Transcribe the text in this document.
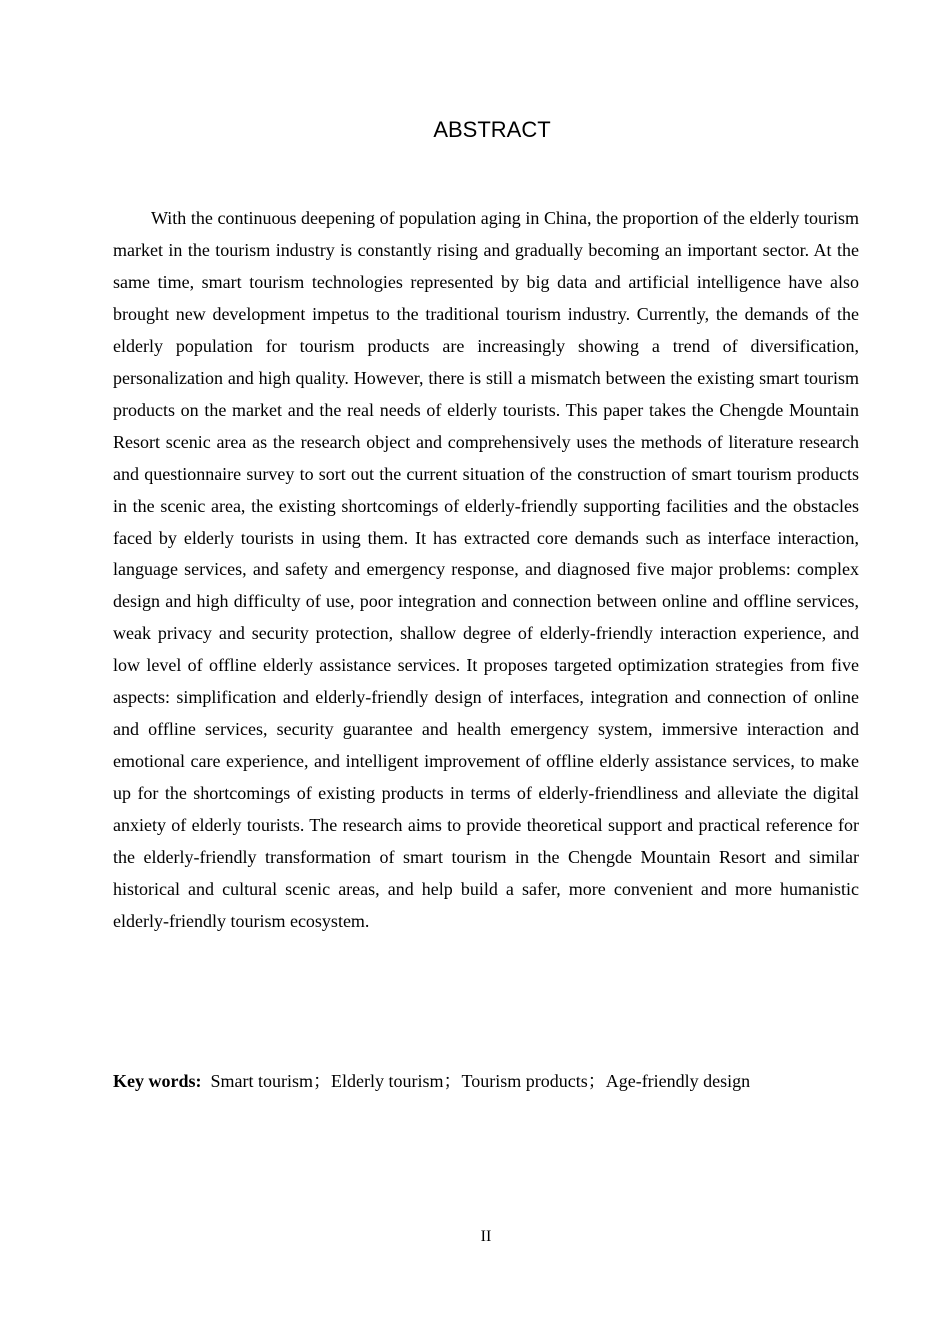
ABSTRACT

With the continuous deepening of population aging in China, the proportion of the elderly tourism market in the tourism industry is constantly rising and gradually becoming an important sector. At the same time, smart tourism technologies represented by big data and artificial intelligence have also brought new development impetus to the traditional tourism industry. Currently, the demands of the elderly population for tourism products are increasingly showing a trend of diversification, personalization and high quality. However, there is still a mismatch between the existing smart tourism products on the market and the real needs of elderly tourists. This paper takes the Chengde Mountain Resort scenic area as the research object and comprehensively uses the methods of literature research and questionnaire survey to sort out the current situation of the construction of smart tourism products in the scenic area, the existing shortcomings of elderly-friendly supporting facilities and the obstacles faced by elderly tourists in using them. It has extracted core demands such as interface interaction, language services, and safety and emergency response, and diagnosed five major problems: complex design and high difficulty of use, poor integration and connection between online and offline services, weak privacy and security protection, shallow degree of elderly-friendly interaction experience, and low level of offline elderly assistance services. It proposes targeted optimization strategies from five aspects: simplification and elderly-friendly design of interfaces, integration and connection of online and offline services, security guarantee and health emergency system, immersive interaction and emotional care experience, and intelligent improvement of offline elderly assistance services, to make up for the shortcomings of existing products in terms of elderly-friendliness and alleviate the digital anxiety of elderly tourists. The research aims to provide theoretical support and practical reference for the elderly-friendly transformation of smart tourism in the Chengde Mountain Resort and similar historical and cultural scenic areas, and help build a safer, more convenient and more humanistic elderly-friendly tourism ecosystem.

Key words: Smart tourism；Elderly tourism；Tourism products；Age-friendly design

II
